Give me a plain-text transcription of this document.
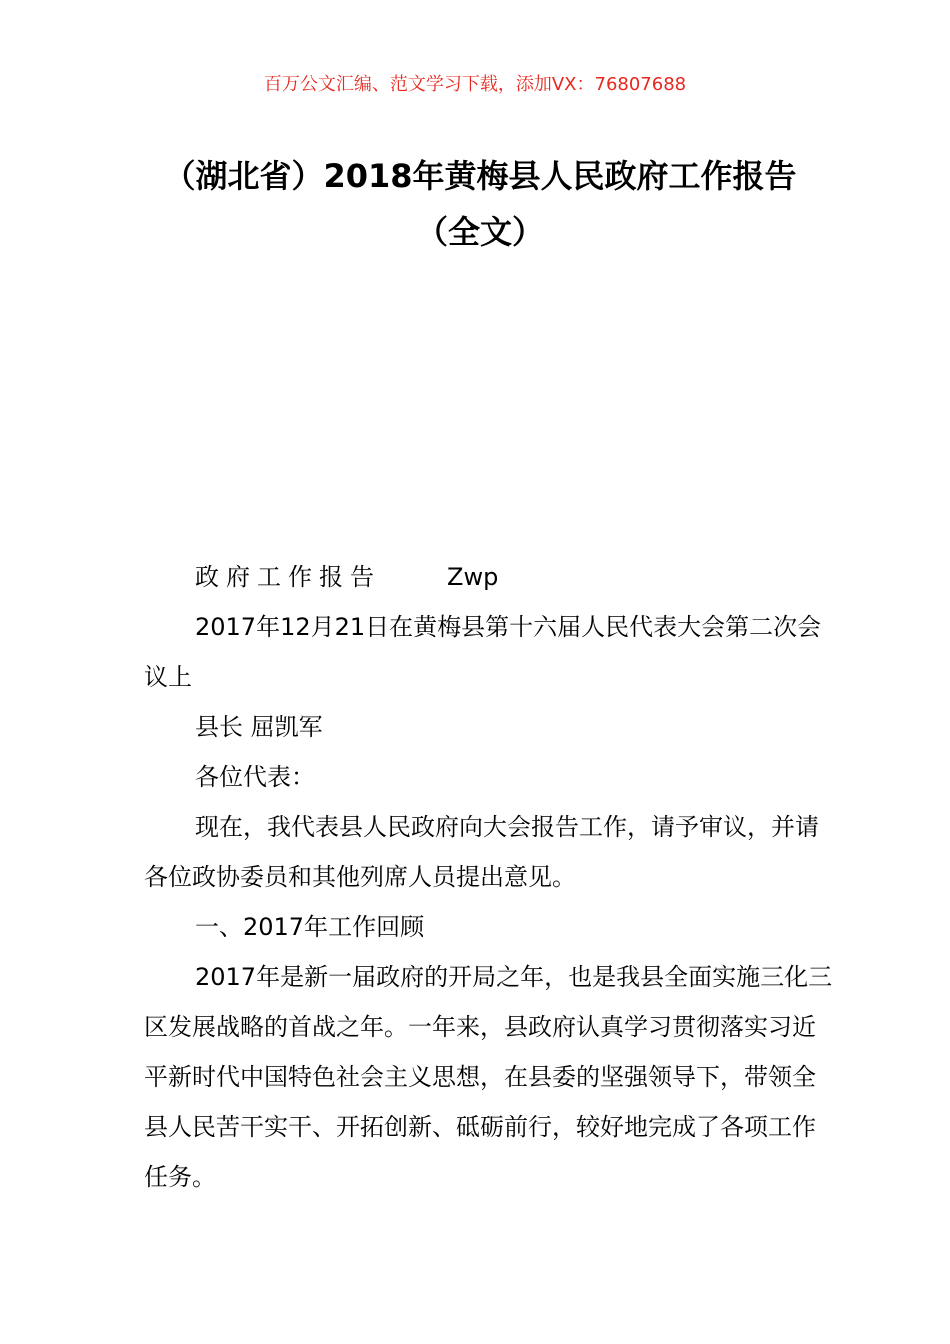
百万公文汇编、范文学习下载，添加VX：76807688
（湖北省）2018年黄梅县人民政府工作报告（全文）

政府工作报告	Zwp

2017年12月21日在黄梅县第十六届人民代表大会第二次会议上

县长 屈凯军

各位代表：

现在，我代表县人民政府向大会报告工作，请予审议，并请各位政协委员和其他列席人员提出意见。

一、2017年工作回顾

2017年是新一届政府的开局之年，也是我县全面实施三化三区发展战略的首战之年。一年来，县政府认真学习贯彻落实习近平新时代中国特色社会主义思想，在县委的坚强领导下，带领全县人民苦干实干、开拓创新、砥砺前行，较好地完成了各项工作任务。
